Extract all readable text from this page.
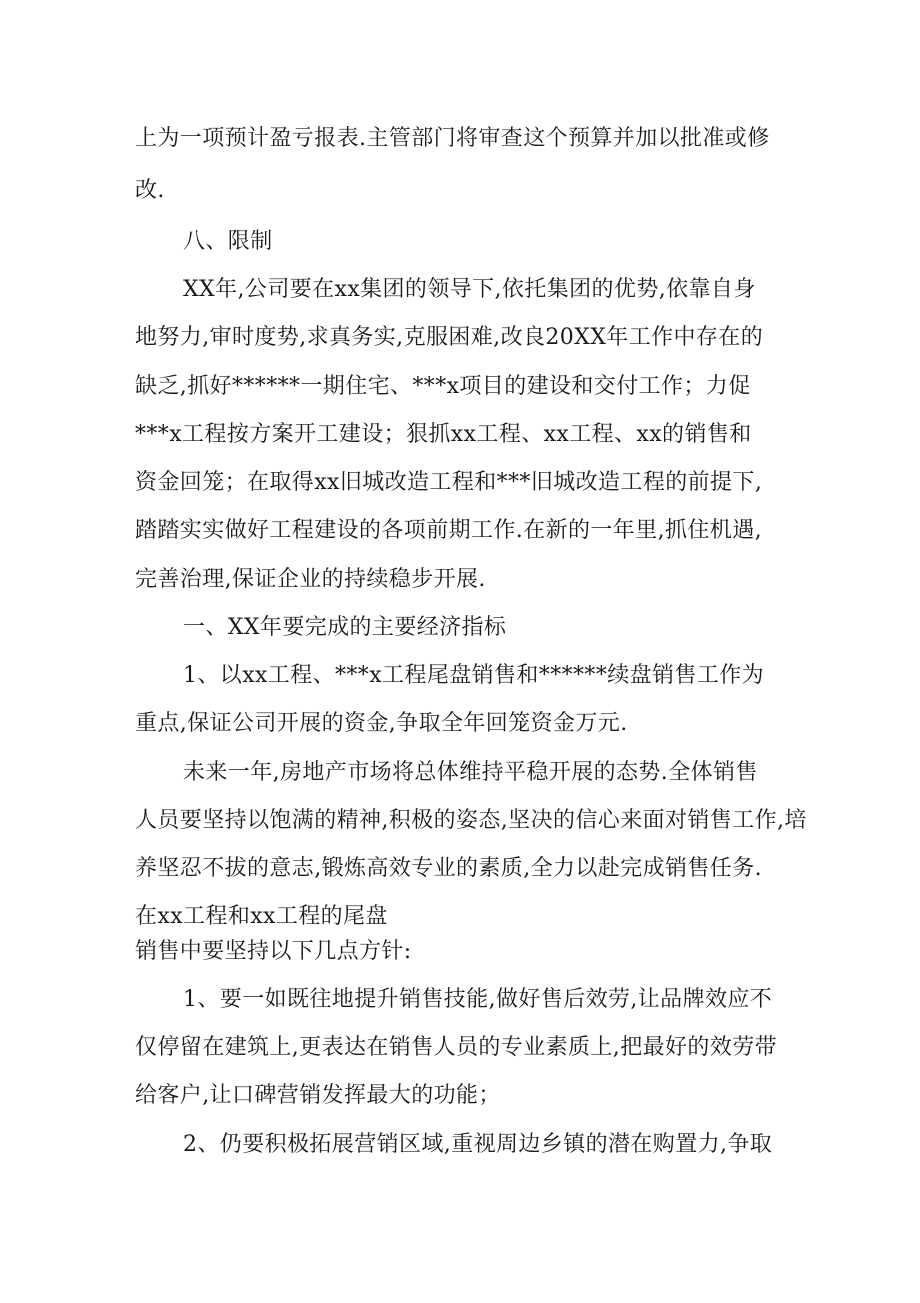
上为一项预计盈亏报表.主管部门将审查这个预算并加以批准或修

改.

八、限制

XX年,公司要在xx集团的领导下,依托集团的优势,依靠自身

地努力,审时度势,求真务实,克服困难,改良20XX年工作中存在的

缺乏,抓好******一期住宅、***x项目的建设和交付工作；力促

***x工程按方案开工建设；狠抓xx工程、xx工程、xx的销售和

资金回笼；在取得xx旧城改造工程和***旧城改造工程的前提下,

踏踏实实做好工程建设的各项前期工作.在新的一年里,抓住机遇,

完善治理,保证企业的持续稳步开展.

一、XX年要完成的主要经济指标

1、以xx工程、***x工程尾盘销售和******续盘销售工作为

重点,保证公司开展的资金,争取全年回笼资金万元.

未来一年,房地产市场将总体维持平稳开展的态势.全体销售

人员要坚持以饱满的精神,积极的姿态,坚决的信心来面对销售工作,培

养坚忍不拔的意志,锻炼高效专业的素质,全力以赴完成销售任务.

在xx工程和xx工程的尾盘

销售中要坚持以下几点方针:

1、要一如既往地提升销售技能,做好售后效劳,让品牌效应不

仅停留在建筑上,更表达在销售人员的专业素质上,把最好的效劳带

给客户,让口碑营销发挥最大的功能；

2、仍要积极拓展营销区域,重视周边乡镇的潜在购置力,争取
